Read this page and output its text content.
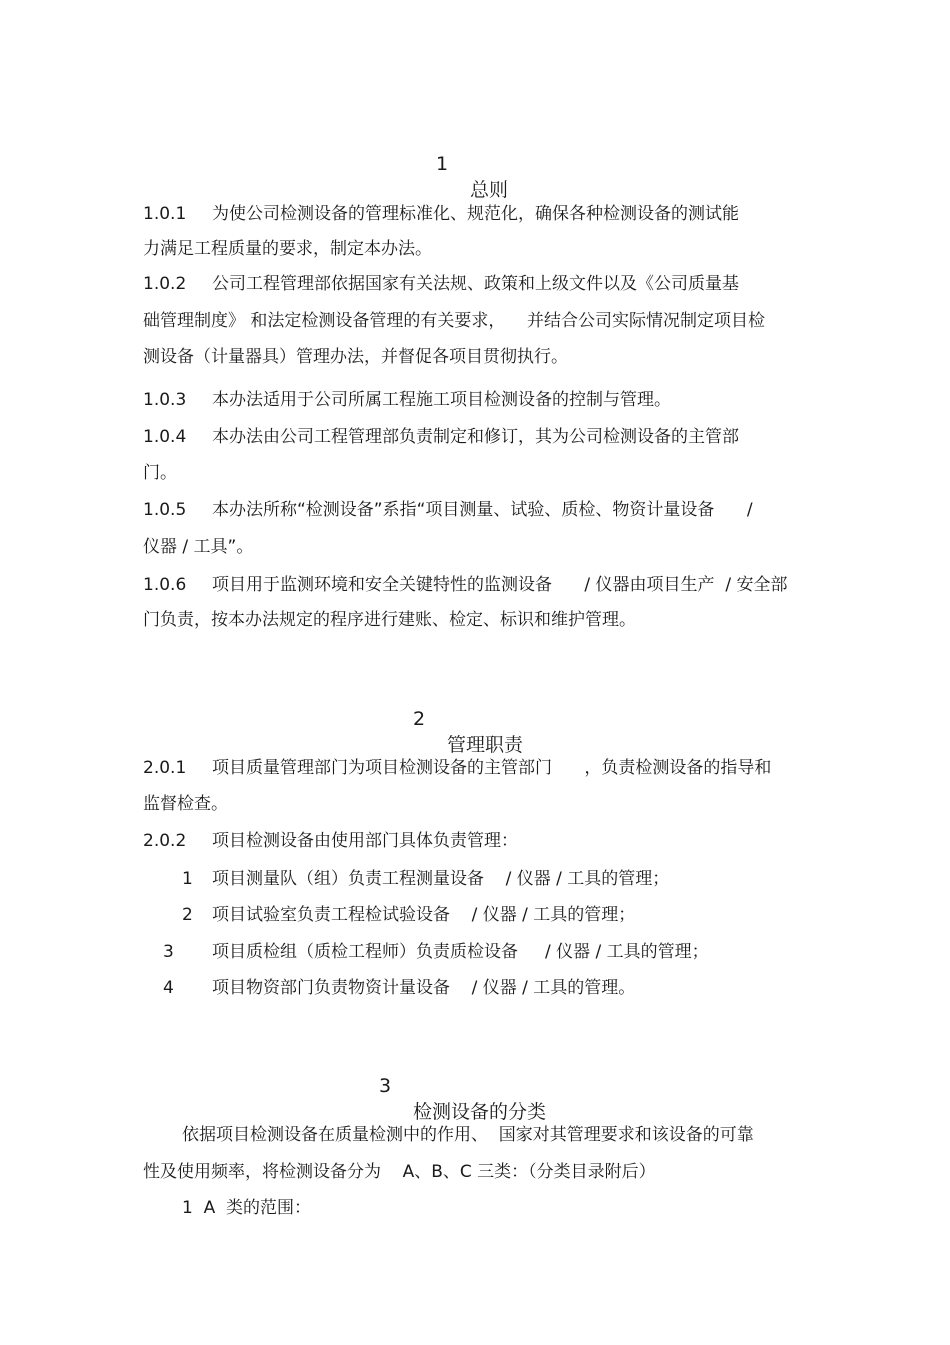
1

总则

1.0.1 为使公司检测设备的管理标准化、规范化，确保各种检测设备的测试能
力满足工程质量的要求，制定本办法。
1.0.2 公司工程管理部依据国家有关法规、政策和上级文件以及《公司质量基
础管理制度》 和法定检测设备管理的有关要求，    并结合公司实际情况制定项目检
测设备（计量器具）管理办法，并督促各项目贯彻执行。
1.0.3 本办法适用于公司所属工程施工项目检测设备的控制与管理。
1.0.4 本办法由公司工程管理部负责制定和修订，其为公司检测设备的主管部
门。
1.0.5 本办法所称“检测设备”系指“项目测量、试验、质检、物资计量设备      /
仪器 / 工具”。
1.0.6 项目用于监测环境和安全关键特性的监测设备      / 仪器由项目生产  / 安全部
门负责，按本办法规定的程序进行建账、检定、标识和维护管理。

2

管理职责

2.0.1 项目质量管理部门为项目检测设备的主管部门      ，负责检测设备的指导和
监督检查。
2.0.2 项目检测设备由使用部门具体负责管理：
1 项目测量队（组）负责工程测量设备    / 仪器 / 工具的管理；
2 项目试验室负责工程检试验设备    / 仪器 / 工具的管理；
3 项目质检组（质检工程师）负责质检设备     / 仪器 / 工具的管理；
4 项目物资部门负责物资计量设备    / 仪器 / 工具的管理。

3

检测设备的分类

依据项目检测设备在质量检测中的作用、  国家对其管理要求和该设备的可靠
性及使用频率，将检测设备分为    A、B、C 三类：（分类目录附后）
1  A  类的范围：
